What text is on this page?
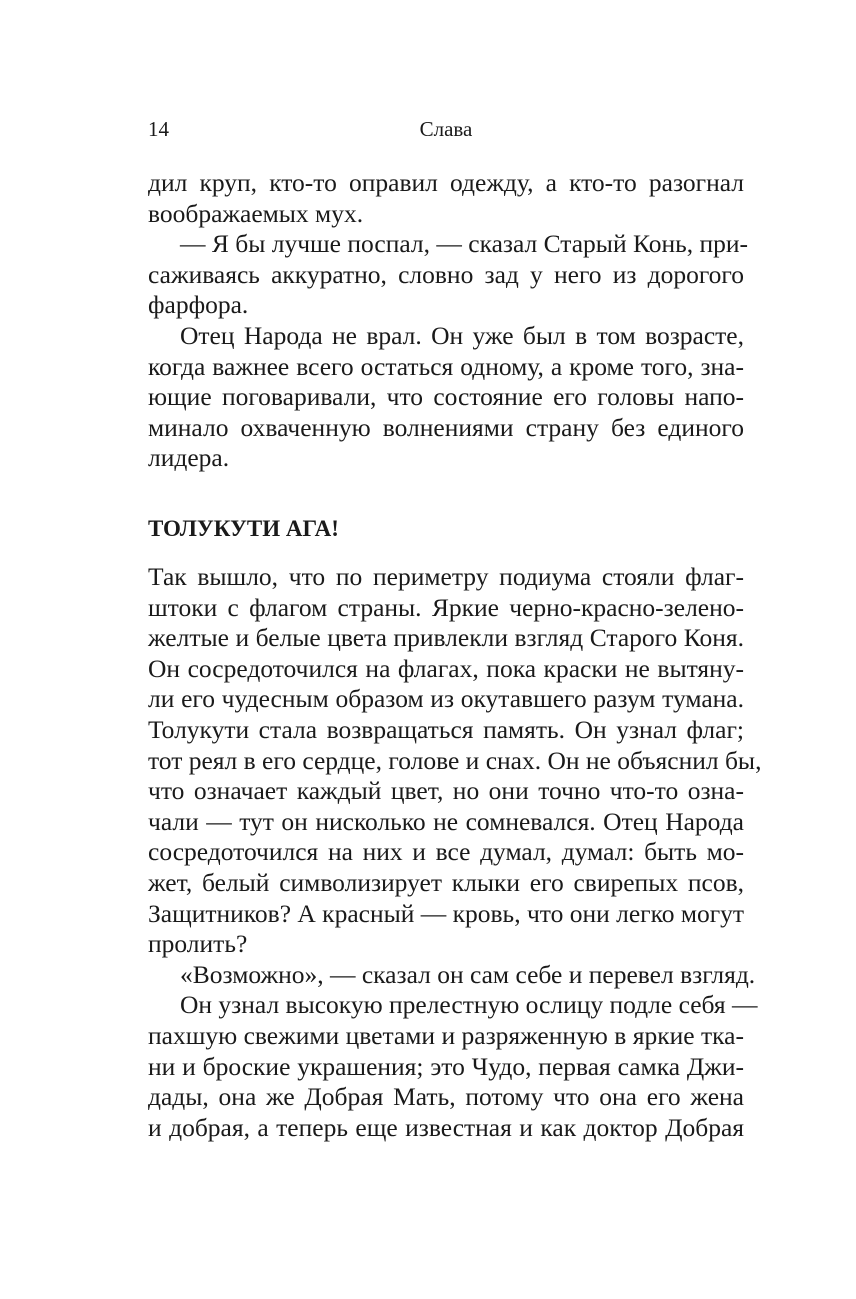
14	Слава
дил круп, кто-то оправил одежду, а кто-то разогнал
воображаемых мух.
— Я бы лучше поспал, — сказал Старый Конь, при-
саживаясь аккуратно, словно зад у него из дорогого
фарфора.
Отец Народа не врал. Он уже был в том возрасте,
когда важнее всего остаться одному, а кроме того, зна-
ющие поговаривали, что состояние его головы напо-
минало охваченную волнениями страну без единого
лидера.
ТОЛУКУТИ АГА!
Так вышло, что по периметру подиума стояли флаг-
штоки с флагом страны. Яркие черно-красно-зелено-
желтые и белые цвета привлекли взгляд Старого Коня.
Он сосредоточился на флагах, пока краски не вытяну-
ли его чудесным образом из окутавшего разум тумана.
Толукути стала возвращаться память. Он узнал флаг;
тот реял в его сердце, голове и снах. Он не объяснил бы,
что означает каждый цвет, но они точно что-то озна-
чали — тут он нисколько не сомневался. Отец Народа
сосредоточился на них и все думал, думал: быть мо-
жет, белый символизирует клыки его свирепых псов,
Защитников? А красный — кровь, что они легко могут
пролить?
«Возможно», — сказал он сам себе и перевел взгляд.
Он узнал высокую прелестную ослицу подле себя —
пахшую свежими цветами и разряженную в яркие тка-
ни и броские украшения; это Чудо, первая самка Джи-
дады, она же Добрая Мать, потому что она его жена
и добрая, а теперь еще известная и как доктор Добрая
